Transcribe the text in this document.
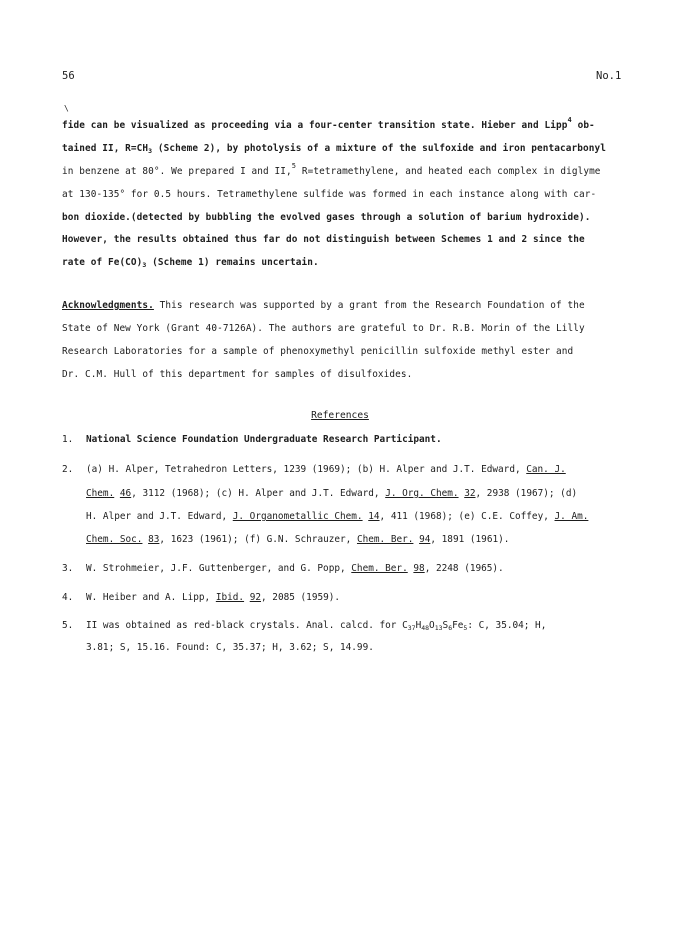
56	No.1
\
fide can be visualized as proceeding via a four-center transition state. Hieber and Lipp$^4$ ob-
tained II, $R=CH_3$ (Scheme 2), by photolysis of a mixture of the sulfoxide and iron pentacarbonyl
in benzene at 80°. We prepared I and II,$^5$ R=tetramethylene, and heated each complex in diglyme
at 130-135° for 0.5 hours. Tetramethylene sulfide was formed in each instance along with car-
bon dioxide.(detected by bubbling the evolved gases through a solution of barium hydroxide).
However, the results obtained thus far do not distinguish between Schemes 1 and 2 since the
rate of $Fe(CO)_3$ (Scheme 1) remains uncertain.
Acknowledgments. This research was supported by a grant from the Research Foundation of the
State of New York (Grant 40-7126A). The authors are grateful to Dr. R.B. Morin of the Lilly
Research Laboratories for a sample of phenoxymethyl penicillin sulfoxide methyl ester and
Dr. C.M. Hull of this department for samples of disulfoxides.
References
1. National Science Foundation Undergraduate Research Participant.
2. (a) H. Alper, Tetrahedron Letters, 1239 (1969); (b) H. Alper and J.T. Edward, Can. J.
Chem. 46, 3112 (1968); (c) H. Alper and J.T. Edward, J. Org. Chem. 32, 2938 (1967); (d)
H. Alper and J.T. Edward, J. Organometallic Chem. 14, 411 (1968); (e) C.E. Coffey, J. Am.
Chem. Soc. 83, 1623 (1961); (f) G.N. Schrauzer, Chem. Ber. 94, 1891 (1961).
3. W. Strohmeier, J.F. Guttenberger, and G. Popp, Chem. Ber. 98, 2248 (1965).
4. W. Heiber and A. Lipp, Ibid. 92, 2085 (1959).
5. II was obtained as red-black crystals. Anal. calcd. for $C_{37}H_{48}O_{13}S_6Fe_5$: C, 35.04; H,
3.81; S, 15.16. Found: C, 35.37; H, 3.62; S, 14.99.
